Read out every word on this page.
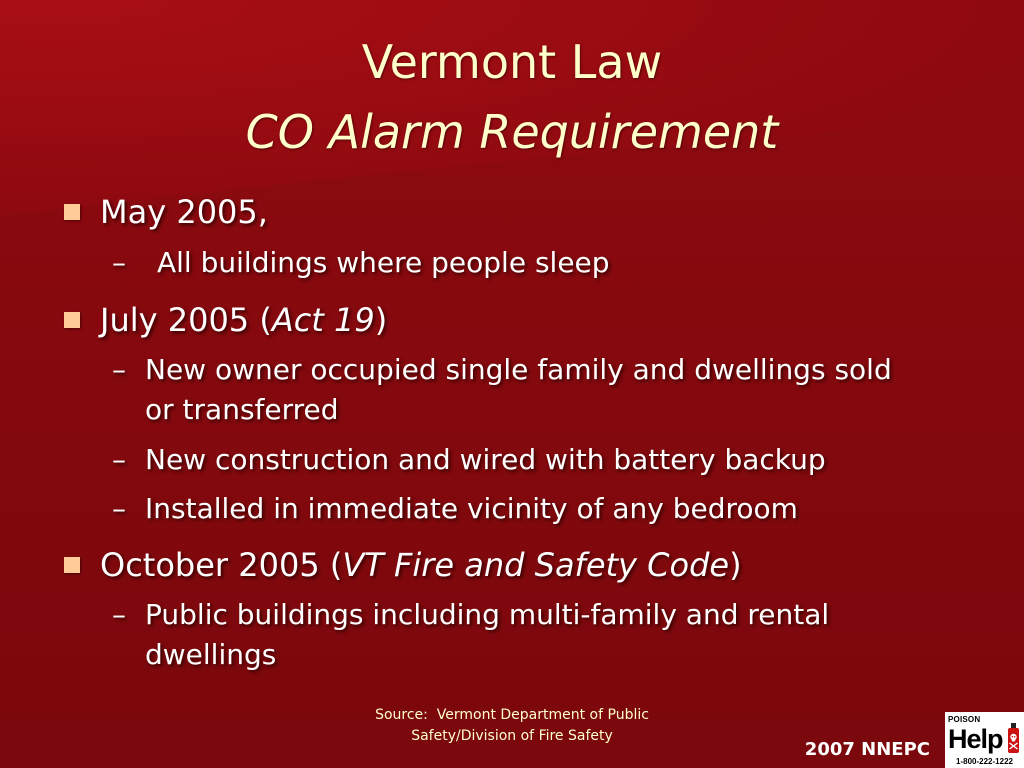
Vermont Law
CO Alarm Requirement
May 2005,
– All buildings where people sleep
July 2005 (Act 19)
– New owner occupied single family and dwellings sold
or transferred
– New construction and wired with battery backup
– Installed in immediate vicinity of any bedroom
October 2005 (VT Fire and Safety Code)
– Public buildings including multi-family and rental
dwellings
Source:  Vermont Department of Public
Safety/Division of Fire Safety
2007 NNEPC
POISON
Help
1-800-222-1222
